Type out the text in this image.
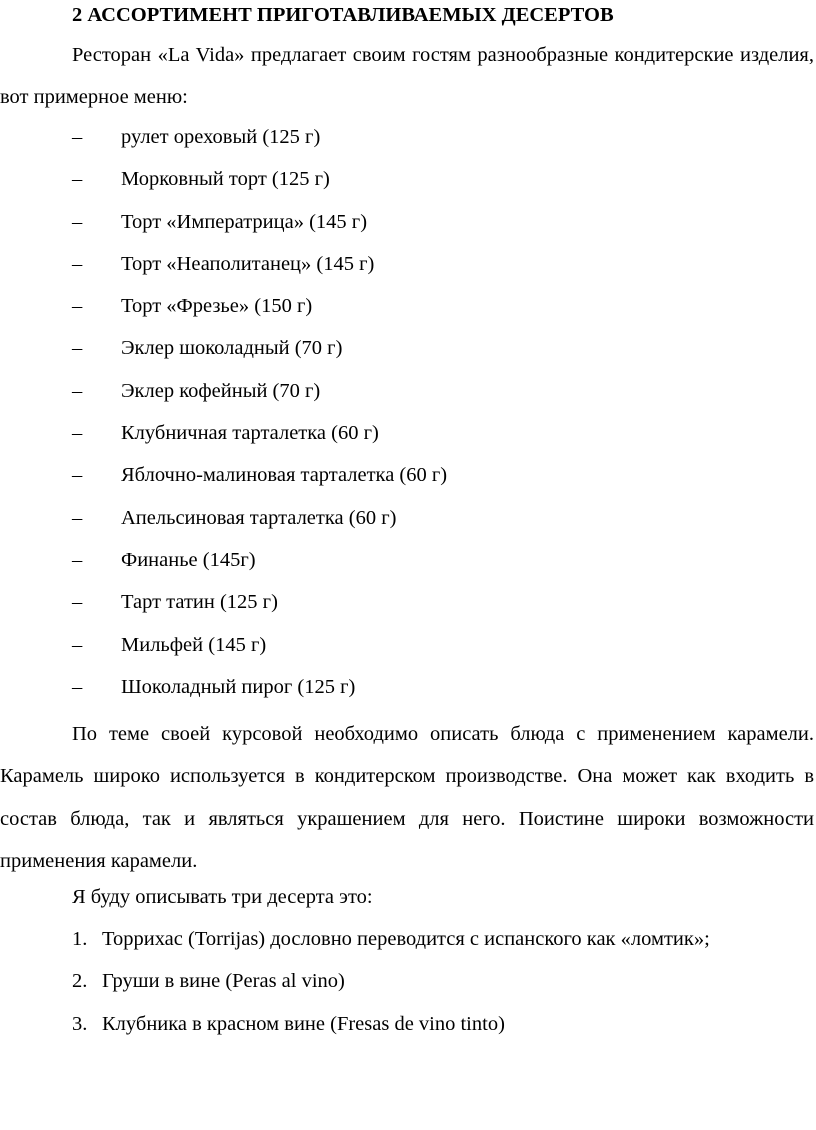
2 АССОРТИМЕНТ ПРИГОТАВЛИВАЕМЫХ ДЕСЕРТОВ

Ресторан «La Vida» предлагает своим гостям разнообразные кондитерские изделия, вот примерное меню:

– рулет ореховый (125 г)
– Морковный торт (125 г)
– Торт «Императрица» (145 г)
– Торт «Неаполитанец» (145 г)
– Торт «Фрезье» (150 г)
– Эклер шоколадный (70 г)
– Эклер кофейный (70 г)
– Клубничная тарталетка (60 г)
– Яблочно-малиновая тарталетка (60 г)
– Апельсиновая тарталетка (60 г)
– Финанье (145г)
– Тарт татин (125 г)
– Мильфей (145 г)
– Шоколадный пирог (125 г)

По теме своей курсовой необходимо описать блюда с применением карамели. Карамель широко используется в кондитерском производстве. Она может как входить в состав блюда, так и являться украшением для него. Поистине широки возможности применения карамели.

Я буду описывать три десерта это:
1. Торрихас (Torrijas) дословно переводится с испанского как «ломтик»;
2. Груши в вине (Peras al vino)
3. Клубника в красном вине (Fresas de vino tinto)
